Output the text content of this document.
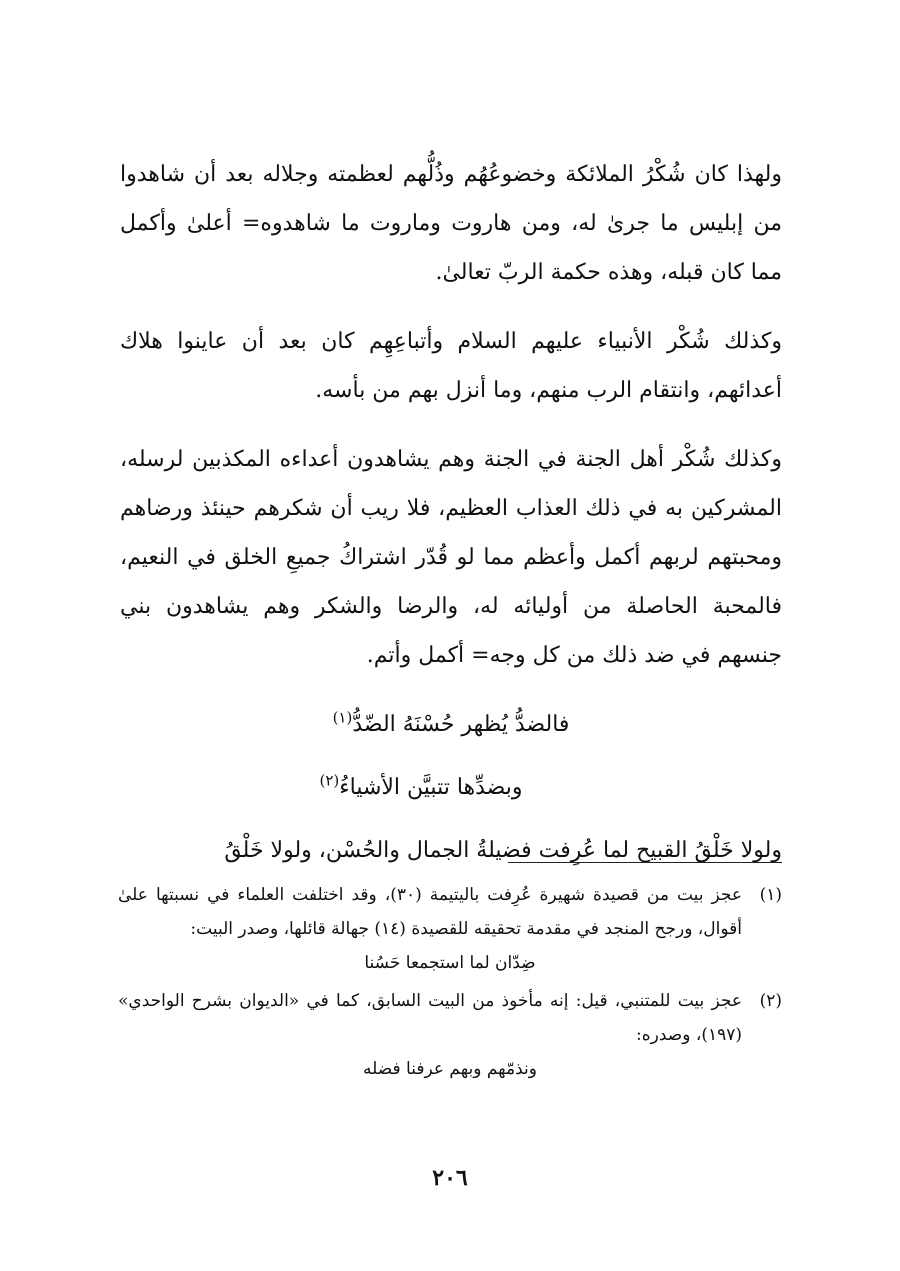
ولهذا كان شُكْرُ الملائكة وخضوعُهُم وذُلُّهم لعظمته وجلاله بعد أن شاهدوا من إبليس ما جرىٰ له، ومن هاروت وماروت ما شاهدوه= أعلىٰ وأكمل مما كان قبله، وهذه حكمة الربّ تعالىٰ.

وكذلك شُكْر الأنبياء عليهم السلام وأتباعِهِم كان بعد أن عاينوا هلاك أعدائهم، وانتقام الرب منهم، وما أنزل بهم من بأسه.

وكذلك شُكْر أهل الجنة في الجنة وهم يشاهدون أعداءه المكذبين لرسله، المشركين به في ذلك العذاب العظيم، فلا ريب أن شكرهم حينئذ ورضاهم ومحبتهم لربهم أكمل وأعظم مما لو قُدّر اشتراكُ جميعِ الخلق في النعيم، فالمحبة الحاصلة من أوليائه له، والرضا والشكر وهم يشاهدون بني جنسهم في ضد ذلك من كل وجه= أكمل وأتم.

فالضدُّ يُظهر حُسْنَهُ الضّدُّ$^{(١)}$
وبضدِّها تتبيَّن الأشياءُ$^{(٢)}$

ولولا خَلْقُ القبيح لما عُرِفت فضيلةُ الجمال والحُسْن، ولولا خَلْقُ

(١)
عجز بيت من قصيدة شهيرة عُرِفت باليتيمة (٣٠)، وقد اختلفت العلماء في نسبتها علىٰ أقوال، ورجح المنجد في مقدمة تحقيقه للقصيدة (١٤) جهالة قائلها، وصدر البيت:
ضِدّان لما استجمعا حَسُنا
(٢)
عجز بيت للمتنبي، قيل: إنه مأخوذ من البيت السابق، كما في «الديوان بشرح الواحدي» (١٩٧)، وصدره:
ونذمّهم وبهم عرفنا فضله
٢٠٦
